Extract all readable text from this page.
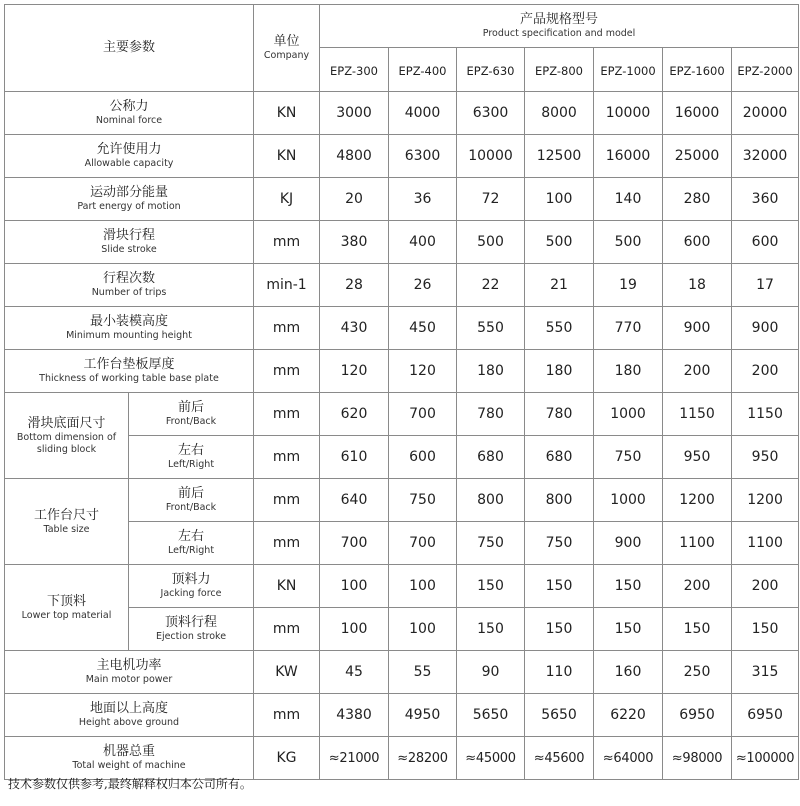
主要参数		单位
Company	产品规格型号
Product specification and model						

			EPZ-300	EPZ-400	EPZ-630	EPZ-800	EPZ-1000	EPZ-1600	EPZ-2000

公称力
Nominal force		KN	3000	4000	6300	8000	10000	16000	20000

允许使用力
Allowable capacity		KN	4800	6300	10000	12500	16000	25000	32000

运动部分能量
Part energy of motion		KJ	20	36	72	100	140	280	360

滑块行程
Slide stroke		mm	380	400	500	500	500	600	600

行程次数
Number of trips		min-1	28	26	22	21	19	18	17

最小装模高度
Minimum mounting height		mm	430	450	550	550	770	900	900

工作台垫板厚度
Thickness of working table base plate		mm	120	120	180	180	180	200	200

滑块底面尺寸
Bottom dimension of
sliding block	前后
Front/Back	mm	620	700	780	780	1000	1150	1150

	左右
Left/Right	mm	610	600	680	680	750	950	950

工作台尺寸
Table size	前后
Front/Back	mm	640	750	800	800	1000	1200	1200

	左右
Left/Right	mm	700	700	750	750	900	1100	1100

下顶料
Lower top material	顶料力
Jacking force	KN	100	100	150	150	150	200	200

	顶料行程
Ejection stroke	mm	100	100	150	150	150	150	150

主电机功率
Main motor power		KW	45	55	90	110	160	250	315

地面以上高度
Height above ground		mm	4380	4950	5650	5650	6220	6950	6950

机器总重
Total weight of machine		KG	≈21000	≈28200	≈45000	≈45600	≈64000	≈98000	≈100000
技术参数仅供参考,最终解释权归本公司所有。
